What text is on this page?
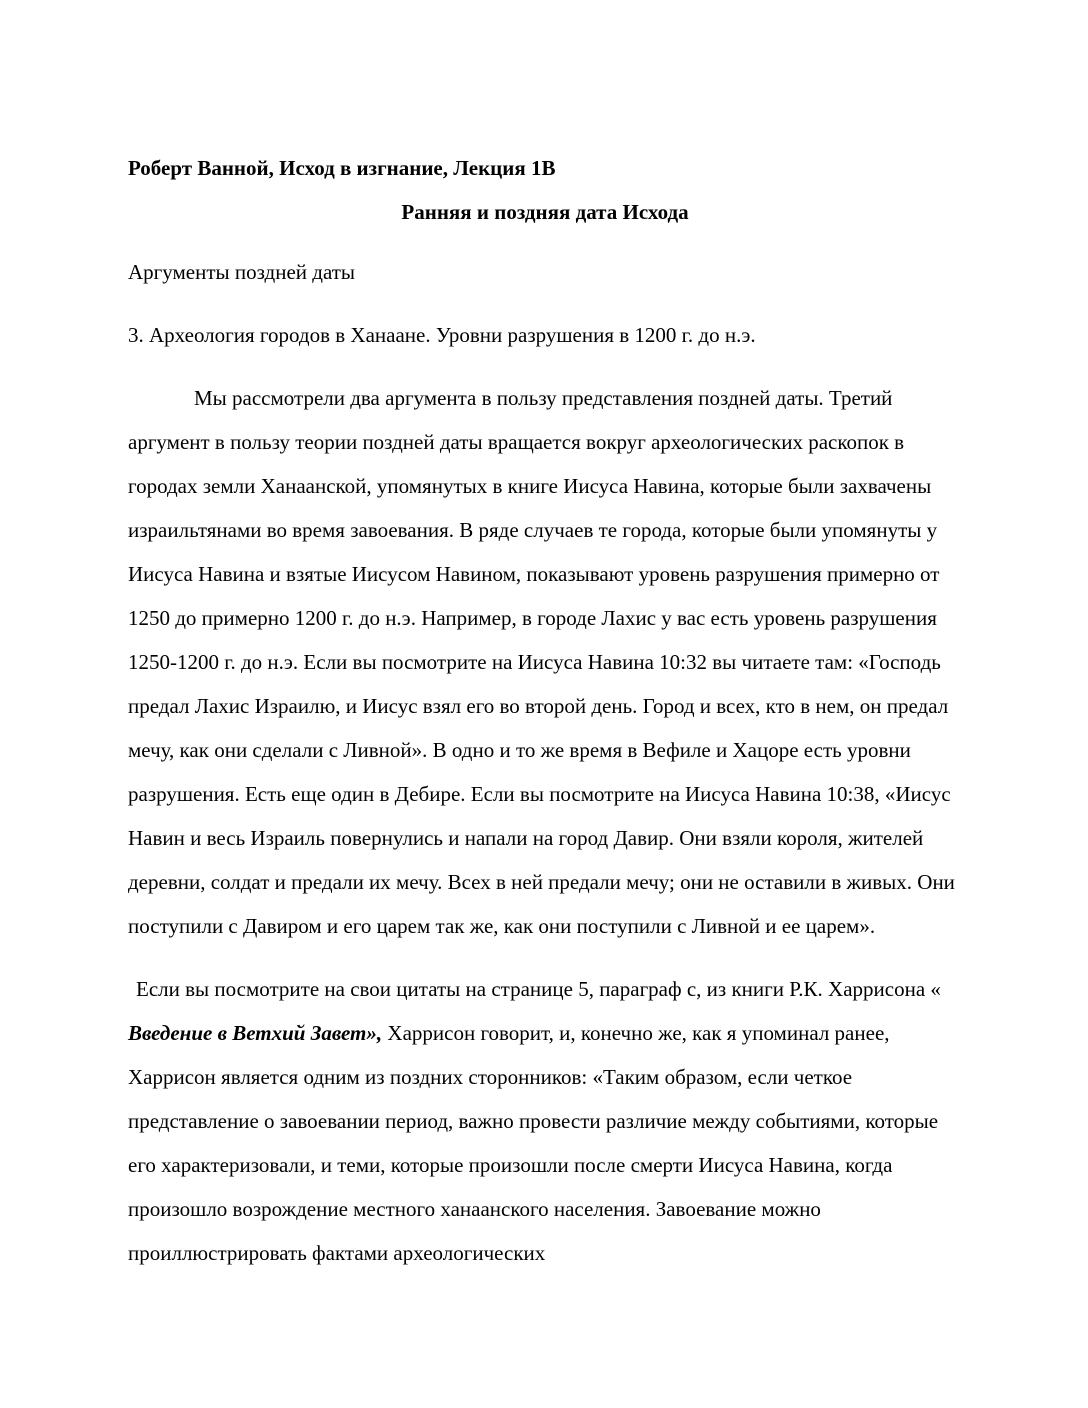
Роберт Ванной, Исход в изгнание, Лекция 1B
Ранняя и поздняя дата Исхода

Аргументы поздней даты

3. Археология городов в Ханаане. Уровни разрушения в 1200 г. до н.э.

Мы рассмотрели два аргумента в пользу представления поздней даты. Третий аргумент в пользу теории поздней даты вращается вокруг археологических раскопок в городах земли Ханаанской, упомянутых в книге Иисуса Навина, которые были захвачены израильтянами во время завоевания. В ряде случаев те города, которые были упомянуты у Иисуса Навина и взятые Иисусом Навином, показывают уровень разрушения примерно от 1250 до примерно 1200 г. до н.э. Например, в городе Лахис у вас есть уровень разрушения 1250-1200 г. до н.э. Если вы посмотрите на Иисуса Навина 10:32 вы читаете там: «Господь предал Лахис Израилю, и Иисус взял его во второй день. Город и всех, кто в нем, он предал мечу, как они сделали с Ливной». В одно и то же время в Вефиле и Хацоре есть уровни разрушения. Есть еще один в Дебире. Если вы посмотрите на Иисуса Навина 10:38, «Иисус Навин и весь Израиль повернулись и напали на город Давир. Они взяли короля, жителей деревни, солдат и предали их мечу. Всех в ней предали мечу; они не оставили в живых. Они поступили с Давиром и его царем так же, как они поступили с Ливной и ее царем».

Если вы посмотрите на свои цитаты на странице 5, параграф c, из книги Р.К. Харрисона « Введение в Ветхий Завет», Харрисон говорит, и, конечно же, как я упоминал ранее, Харрисон является одним из поздних сторонников: «Таким образом, если четкое представление о завоевании период, важно провести различие между событиями, которые его характеризовали, и теми, которые произошли после смерти Иисуса Навина, когда произошло возрождение местного ханаанского населения. Завоевание можно проиллюстрировать фактами археологических
